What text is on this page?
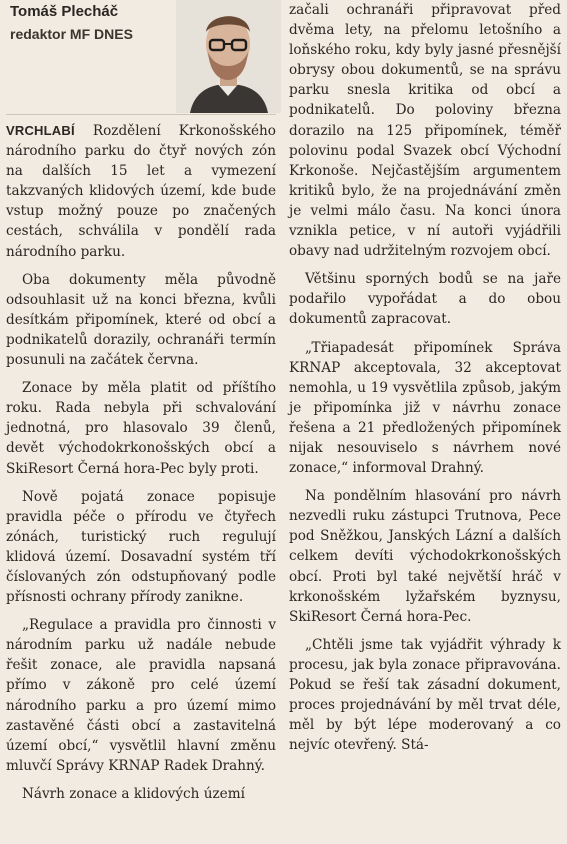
Tomáš Plecháč
redaktor MF DNES

VRCHLABÍ Rozdělení Krkonošského národního parku do čtyř nových zón na dalších 15 let a vymezení takzvaných klidových území, kde bude vstup možný pouze po značených cestách, schválila v pondělí rada národního parku.

Oba dokumenty měla původně odsouhlasit už na konci března, kvůli desítkám připomínek, které od obcí a podnikatelů dorazily, ochranáři termín posunuli na začátek června.

Zonace by měla platit od příštího roku. Rada nebyla při schvalování jednotná, pro hlasovalo 39 členů, devět východokrkonošských obcí a SkiResort Černá hora-Pec byly proti.

Nově pojatá zonace popisuje pravidla péče o přírodu ve čtyřech zónách, turistický ruch regulují klidová území. Dosavadní systém tří číslovaných zón odstupňovaný podle přísnosti ochrany přírody zanikne.

„Regulace a pravidla pro činnosti v národním parku už nadále nebude řešit zonace, ale pravidla napsaná přímo v zákoně pro celé území národního parku a pro území mimo zastavěné části obcí a zastavitelná území obcí,“ vysvětlil hlavní změnu mluvčí Správy KRNAP Radek Drahný.

Návrh zonace a klidových území

začali ochranáři připravovat před dvěma lety, na přelomu letošního a loňského roku, kdy byly jasné přesnější obrysy obou dokumentů, se na správu parku snesla kritika od obcí a podnikatelů. Do poloviny března dorazilo na 125 připomínek, téměř polovinu podal Svazek obcí Východní Krkonoše. Nejčastějším argumentem kritiků bylo, že na projednávání změn je velmi málo času. Na konci února vznikla petice, v ní autoři vyjádřili obavy nad udržitelným rozvojem obcí.

Většinu sporných bodů se na jaře podařilo vypořádat a do obou dokumentů zapracovat.

„Třiapadesát připomínek Správa KRNAP akceptovala, 32 akceptovat nemohla, u 19 vysvětlila způsob, jakým je připomínka již v návrhu zonace řešena a 21 předložených připomínek nijak nesouviselo s návrhem nové zonace,“ informoval Drahný.

Na pondělním hlasování pro návrh nezvedli ruku zástupci Trutnova, Pece pod Sněžkou, Janských Lázní a dalších celkem devíti východokrkonošských obcí. Proti byl také největší hráč v krkonošském lyžařském byznysu, SkiResort Černá hora-Pec.

„Chtěli jsme tak vyjádřit výhrady k procesu, jak byla zonace připravována. Pokud se řeší tak zásadní dokument, proces projednávání by měl trvat déle, měl by být lépe moderovaný a co nejvíc otevřený. Stá-
